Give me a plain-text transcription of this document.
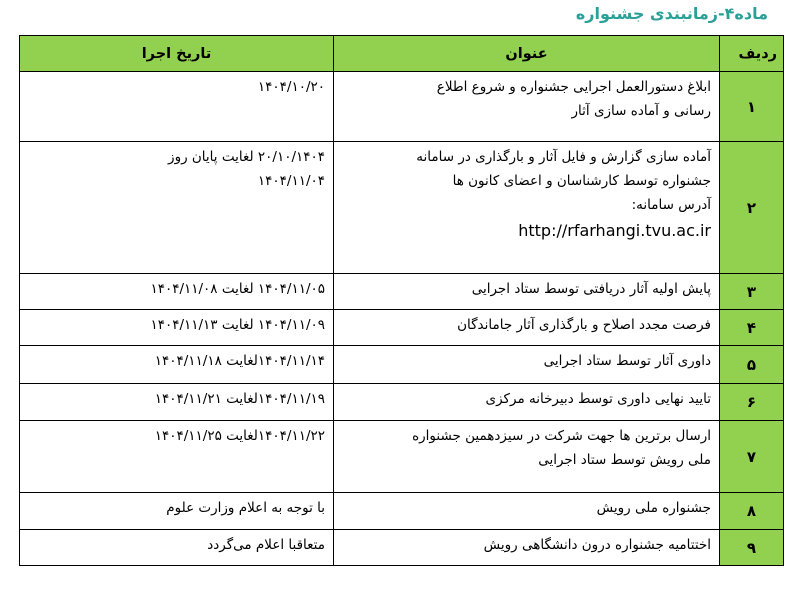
ماده۴-زمانبندی جشنواره
ردیف	عنوان	تاریخ اجرا
۱	ابلاغ دستورالعمل اجرایی جشنواره و شروع اطلاع
رسانی و آماده سازی آثار	۱۴۰۴/۱۰/۲۰

۲	آماده سازی گزارش و فایل آثار و بارگذاری در سامانه
جشنواره توسط کارشناسان و اعضای کانون ها
آدرس سامانه:
http://rfarhangi.tvu.ac.ir	۲۰/۱۰/۱۴۰۴ لغایت پایان روز
۱۴۰۴/۱۱/۰۴

۳	پایش اولیه آثار دریافتی توسط ستاد اجرایی	۱۴۰۴/۱۱/۰۵ لغایت ۱۴۰۴/۱۱/۰۸

۴	فرصت مجدد اصلاح و بارگذاری آثار جاماندگان	۱۴۰۴/۱۱/۰۹ لغایت ۱۴۰۴/۱۱/۱۳

۵	داوری آثار توسط ستاد اجرایی	۱۴۰۴/۱۱/۱۴لغایت ۱۴۰۴/۱۱/۱۸

۶	تایید نهایی داوری توسط دبیرخانه مرکزی	۱۴۰۴/۱۱/۱۹لغایت ۱۴۰۴/۱۱/۲۱

۷	ارسال برترین ها جهت شرکت در سیزدهمین جشنواره
ملی رویش توسط ستاد اجرایی	۱۴۰۴/۱۱/۲۲لغایت ۱۴۰۴/۱۱/۲۵

۸	جشنواره ملی رویش	با توجه به اعلام وزارت علوم

۹	اختتامیه جشنواره درون دانشگاهی رویش	متعاقبا اعلام می‌گردد
